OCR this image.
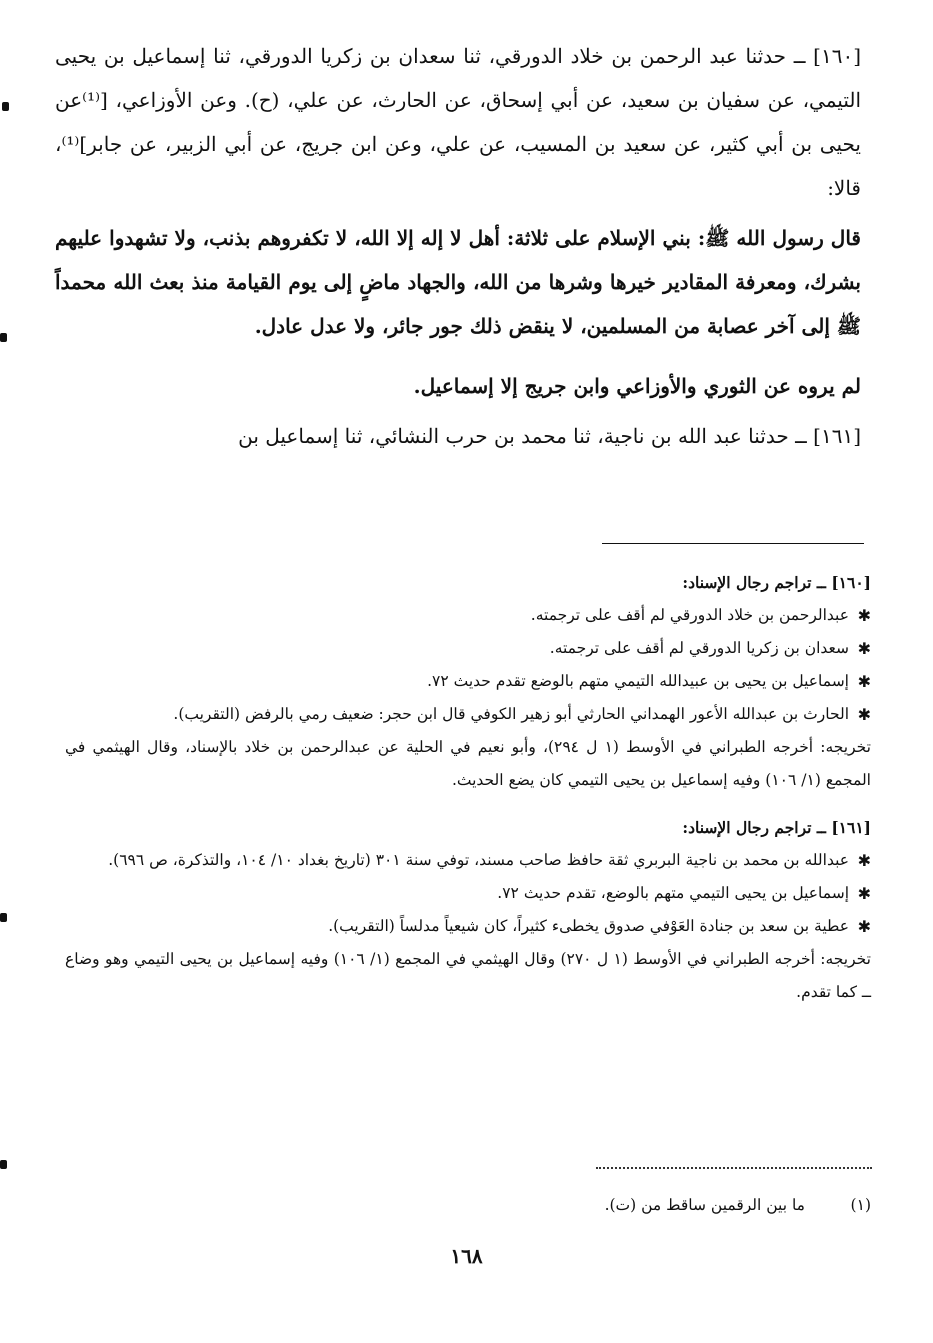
[١٦٠] ــ حدثنا عبد الرحمن بن خلاد الدورقي، ثنا سعدان بن زكريا الدورقي، ثنا إسماعيل بن يحيى التيمي، عن سفيان بن سعيد، عن أبي إسحاق، عن الحارث، عن علي، (ح). وعن الأوزاعي، [⁽¹⁾عن يحيى بن أبي كثير، عن سعيد بن المسيب، عن علي، وعن ابن جريج، عن أبي الزبير، عن جابر]⁽¹⁾، قالا:

قال رسول الله ﷺ: بني الإسلام على ثلاثة: أهل لا إله إلا الله، لا تكفروهم بذنب، ولا تشهدوا عليهم بشرك، ومعرفة المقادير خيرها وشرها من الله، والجهاد ماضٍ إلى يوم القيامة منذ بعث الله محمداً ﷺ إلى آخر عصابة من المسلمين، لا ينقض ذلك جور جائر، ولا عدل عادل.

لم يروه عن الثوري والأوزاعي وابن جريج إلا إسماعيل.

[١٦١] ــ حدثنا عبد الله بن ناجية، ثنا محمد بن حرب النشائي، ثنا إسماعيل بن

[١٦٠] ــ تراجم رجال الإسناد:

✱
عبدالرحمن بن خلاد الدورقي لم أقف على ترجمته.

✱
سعدان بن زكريا الدورقي لم أقف على ترجمته.

✱
إسماعيل بن يحيى بن عبيدالله التيمي متهم بالوضع تقدم حديث ٧٢.

✱
الحارث بن عبدالله الأعور الهمداني الحارثي أبو زهير الكوفي قال ابن حجر: ضعيف رمي بالرفض (التقريب).

تخريجه: أخرجه الطبراني في الأوسط (١ ل ٢٩٤)، وأبو نعيم في الحلية عن عبدالرحمن بن خلاد بالإسناد، وقال الهيثمي في المجمع (١/ ١٠٦) وفيه إسماعيل بن يحيى التيمي كان يضع الحديث.

[١٦١] ــ تراجم رجال الإسناد:

✱
عبدالله بن محمد بن ناجية البربري ثقة حافظ صاحب مسند، توفي سنة ٣٠١ (تاريخ بغداد ١٠/ ١٠٤، والتذكرة، ص ٦٩٦).

✱
إسماعيل بن يحيى التيمي متهم بالوضع، تقدم حديث ٧٢.

✱
عطية بن سعد بن جنادة العَوْفي صدوق يخطىء كثيراً، كان شيعياً مدلساً (التقريب).

تخريجه: أخرجه الطبراني في الأوسط (١ ل ٢٧٠) وقال الهيثمي في المجمع (١/ ١٠٦) وفيه إسماعيل بن يحيى التيمي وهو وضاع ــ كما تقدم.

(١)ما بين الرقمين ساقط من (ت).
١٦٨
